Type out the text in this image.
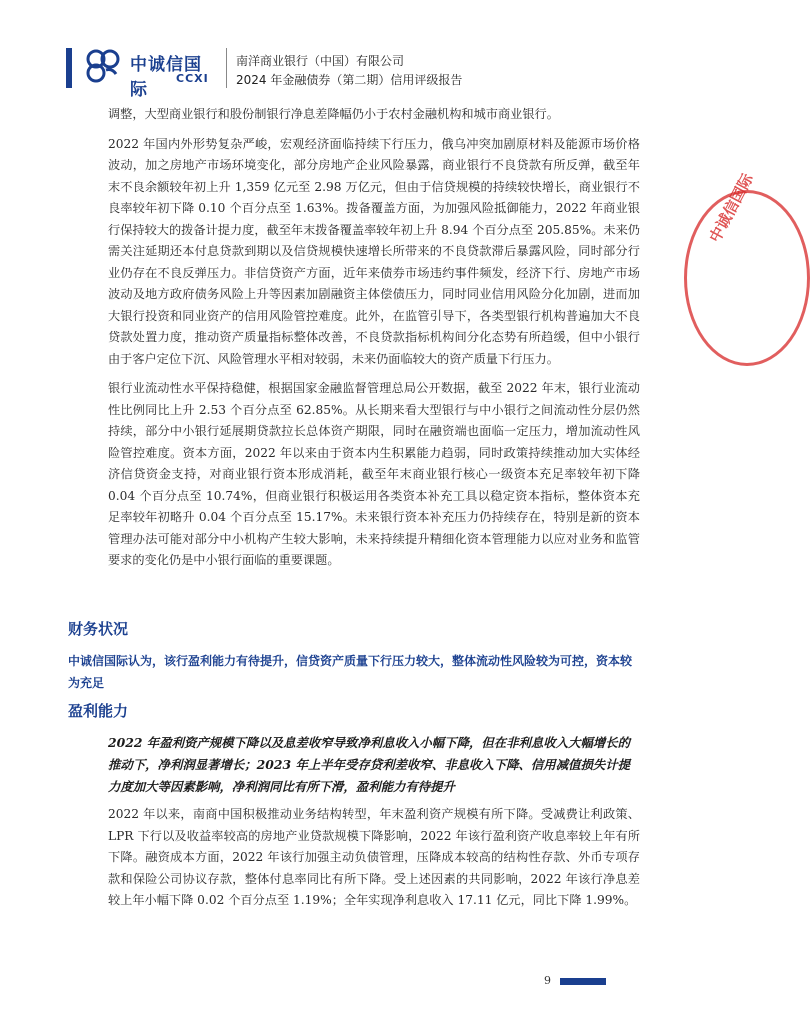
中诚信国际
CCXI
南洋商业银行（中国）有限公司
2024 年金融债券（第二期）信用评级报告
中诚信国际

调整，大型商业银行和股份制银行净息差降幅仍小于农村金融机构和城市商业银行。

2022 年国内外形势复杂严峻，宏观经济面临持续下行压力，俄乌冲突加剧原材料及能源市场价格波动，加之房地产市场环境变化，部分房地产企业风险暴露，商业银行不良贷款有所反弹，截至年末不良余额较年初上升 1,359 亿元至 2.98 万亿元，但由于信贷规模的持续较快增长，商业银行不良率较年初下降 0.10 个百分点至 1.63%。拨备覆盖方面，为加强风险抵御能力，2022 年商业银行保持较大的拨备计提力度，截至年末拨备覆盖率较年初上升 8.94 个百分点至 205.85%。未来仍需关注延期还本付息贷款到期以及信贷规模快速增长所带来的不良贷款滞后暴露风险，同时部分行业仍存在不良反弹压力。非信贷资产方面，近年来债券市场违约事件频发，经济下行、房地产市场波动及地方政府债务风险上升等因素加剧融资主体偿债压力，同时同业信用风险分化加剧，进而加大银行投资和同业资产的信用风险管控难度。此外，在监管引导下，各类型银行机构普遍加大不良贷款处置力度，推动资产质量指标整体改善，不良贷款指标机构间分化态势有所趋缓，但中小银行由于客户定位下沉、风险管理水平相对较弱，未来仍面临较大的资产质量下行压力。

银行业流动性水平保持稳健，根据国家金融监督管理总局公开数据，截至 2022 年末，银行业流动性比例同比上升 2.53 个百分点至 62.85%。从长期来看大型银行与中小银行之间流动性分层仍然持续，部分中小银行延展期贷款拉长总体资产期限，同时在融资端也面临一定压力，增加流动性风险管控难度。资本方面，2022 年以来由于资本内生积累能力趋弱，同时政策持续推动加大实体经济信贷资金支持，对商业银行资本形成消耗，截至年末商业银行核心一级资本充足率较年初下降 0.04 个百分点至 10.74%，但商业银行积极运用各类资本补充工具以稳定资本指标，整体资本充足率较年初略升 0.04 个百分点至 15.17%。未来银行资本补充压力仍持续存在，特别是新的资本管理办法可能对部分中小机构产生较大影响，未来持续提升精细化资本管理能力以应对业务和监管要求的变化仍是中小银行面临的重要课题。

财务状况
中诚信国际认为，该行盈利能力有待提升，信贷资产质量下行压力较大，整体流动性风险较为可控，资本较为充足
盈利能力
2022 年盈利资产规模下降以及息差收窄导致净利息收入小幅下降，但在非利息收入大幅增长的推动下，净利润显著增长；2023 年上半年受存贷利差收窄、非息收入下降、信用减值损失计提力度加大等因素影响，净利润同比有所下滑，盈利能力有待提升

2022 年以来，南商中国积极推动业务结构转型，年末盈利资产规模有所下降。受减费让利政策、LPR 下行以及收益率较高的房地产业贷款规模下降影响，2022 年该行盈利资产收息率较上年有所下降。融资成本方面，2022 年该行加强主动负债管理，压降成本较高的结构性存款、外币专项存款和保险公司协议存款，整体付息率同比有所下降。受上述因素的共同影响，2022 年该行净息差较上年小幅下降 0.02 个百分点至 1.19%；全年实现净利息收入 17.11 亿元，同比下降 1.99%。

9
